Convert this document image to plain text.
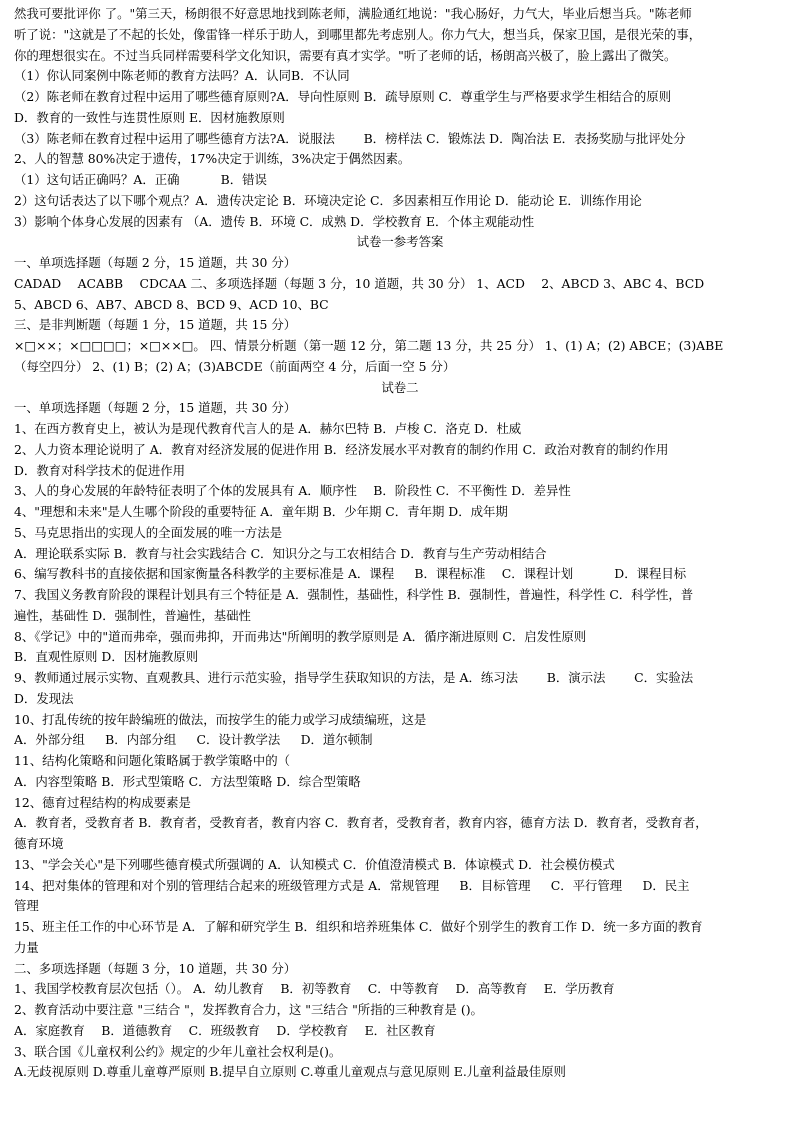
然我可要批评你 了。"第三天，杨朗很不好意思地找到陈老师，满脸通红地说："我心肠好，力气大，毕业后想当兵。"陈老师
听了说："这就是了不起的长处，像雷锋一样乐于助人，到哪里都先考虑别人。你力气大，想当兵，保家卫国，是很光荣的事，
你的理想很实在。不过当兵同样需要科学文化知识，需要有真才实学。"听了老师的话，杨朗高兴极了，脸上露出了微笑。
（1）你认同案例中陈老师的教育方法吗？A．认同B．不认同
（2）陈老师在教育过程中运用了哪些德育原则?A．导向性原则 B．疏导原则 C．尊重学生与严格要求学生相结合的原则
D．教育的一致性与连贯性原则 E．因材施教原则
（3）陈老师在教育过程中运用了哪些德育方法?A．说服法 　　B．榜样法 C．锻炼法 D．陶冶法 E．表扬奖励与批评处分
2、人的智慧 80%决定于遗传，17%决定于训练，3%决定于偶然因素。
（1）这句话正确吗？A．正确 　　　B．错误
2）这句话表达了以下哪个观点？A．遗传决定论 B．环境决定论 C．多因素相互作用论 D．能动论 E．训练作用论
3）影响个体身心发展的因素有 （A．遗传 B．环境 C．成熟 D．学校教育 E．个体主观能动性
试卷一参考答案
一、单项选择题（每题 2 分，15 道题，共 30 分）
CADAD　 ACABB　 CDCAA 二、多项选择题（每题 3 分，10 道题，共 30 分） 1、ACD　 2、ABCD 3、ABC 4、BCD
5、ABCD 6、AB7、ABCD 8、BCD 9、ACD 10、BC
三、是非判断题（每题 1 分，15 道题，共 15 分）
×□××；×□□□□；×□××□。 四、情景分析题（第一题 12 分，第二题 13 分，共 25 分） 1、(1) A；(2) ABCE；(3)ABE
（每空四分） 2、(1) B；(2) A；(3)ABCDE（前面两空 4 分，后面一空 5 分）
试卷二
一、单项选择题（每题 2 分，15 道题，共 30 分）
1、在西方教育史上，被认为是现代教育代言人的是 A．赫尔巴特 B．卢梭 C．洛克 D．杜威
2、人力资本理论说明了 A．教育对经济发展的促进作用 B．经济发展水平对教育的制约作用 C．政治对教育的制约作用
D．教育对科学技术的促进作用
3、人的身心发展的年龄特征表明了个体的发展具有 A．顺序性 　B．阶段性 C．不平衡性 D．差异性
4、"理想和未来"是人生哪个阶段的重要特征 A．童年期 B．少年期 C．青年期 D．成年期
5、马克思指出的实现人的全面发展的唯一方法是
A．理论联系实际 B．教育与社会实践结合 C．知识分之与工农相结合 D．教育与生产劳动相结合
6、编写教科书的直接依据和国家衡量各科教学的主要标准是 A．课程 　 B．课程标准 　C．课程计划 　　　D．课程目标
7、我国义务教育阶段的课程计划具有三个特征是 A．强制性，基础性，科学性 B．强制性，普遍性，科学性 C．科学性，普
遍性，基础性 D．强制性，普遍性，基础性
8、《学记》中的"道而弗牵，强而弗抑，开而弗达"所阐明的教学原则是 A．循序渐进原则 C．启发性原则
B．直观性原则 D．因材施教原则
9、教师通过展示实物、直观教具、进行示范实验，指导学生获取知识的方法，是 A．练习法 　　B．演示法 　　C．实验法
D．发现法
10、打乱传统的按年龄编班的做法，而按学生的能力或学习成绩编班，这是
A．外部分组 　 B．内部分组 　 C．设计教学法 　 D．道尔顿制
11、结构化策略和问题化策略属于教学策略中的（
A．内容型策略 B．形式型策略 C．方法型策略 D．综合型策略
12、德育过程结构的构成要素是
A．教育者，受教育者 B．教育者，受教育者，教育内容 C．教育者，受教育者，教育内容，德育方法 D．教育者，受教育者，
德育环境
13、"学会关心"是下列哪些德育模式所强调的 A．认知模式 C．价值澄清模式 B．体谅模式 D．社会模仿模式
14、把对集体的管理和对个别的管理结合起来的班级管理方式是 A．常规管理 　 B．目标管理 　 C．平行管理 　 D．民主
管理
15、班主任工作的中心环节是 A．了解和研究学生 B．组织和培养班集体 C．做好个别学生的教育工作 D．统一多方面的教育
力量
二、多项选择题（每题 3 分，10 道题，共 30 分）
1、我国学校教育层次包括（）。 A．幼儿教育 　B．初等教育 　C．中等教育 　D．高等教育 　E．学历教育
2、教育活动中要注意 "三结合 "，发挥教育合力，这 "三结合 "所指的三种教育是 ()。
A．家庭教育 　B．道德教育 　C．班级教育 　D．学校教育 　E．社区教育
3、联合国《儿童权利公约》规定的少年儿童社会权利是()。
A.无歧视原则 D.尊重儿童尊严原则 B.提早自立原则 C.尊重儿童观点与意见原则 E.儿童利益最佳原则
